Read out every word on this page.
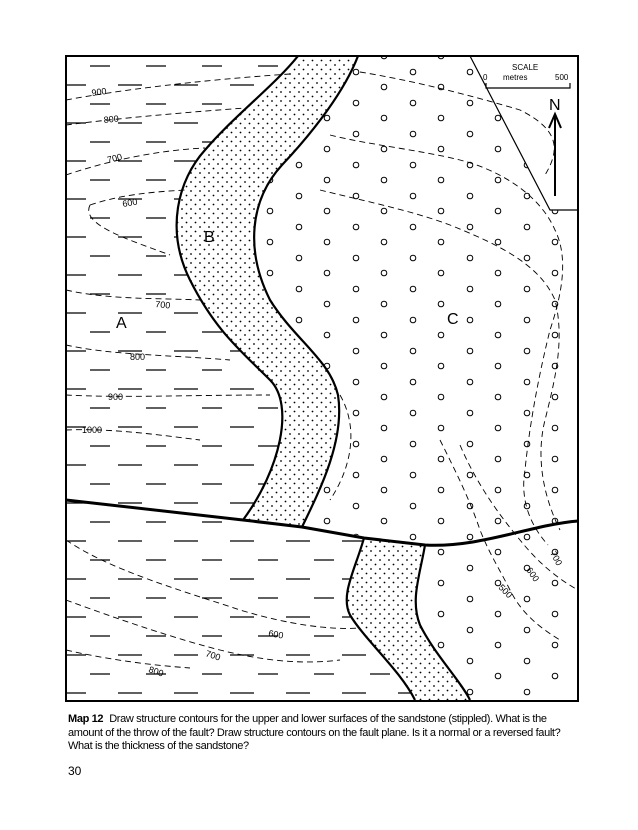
900
800
700
600
700
800
900
1000
600
700
800
700
600
500
A
B
C
SCALE
0 metres	500
N
Map 12 Draw structure contours for the upper and lower surfaces of the sandstone (stippled). What is the amount of the throw of the fault? Draw structure contours on the fault plane. Is it a normal or a reversed fault? What is the thickness of the sandstone?
30
